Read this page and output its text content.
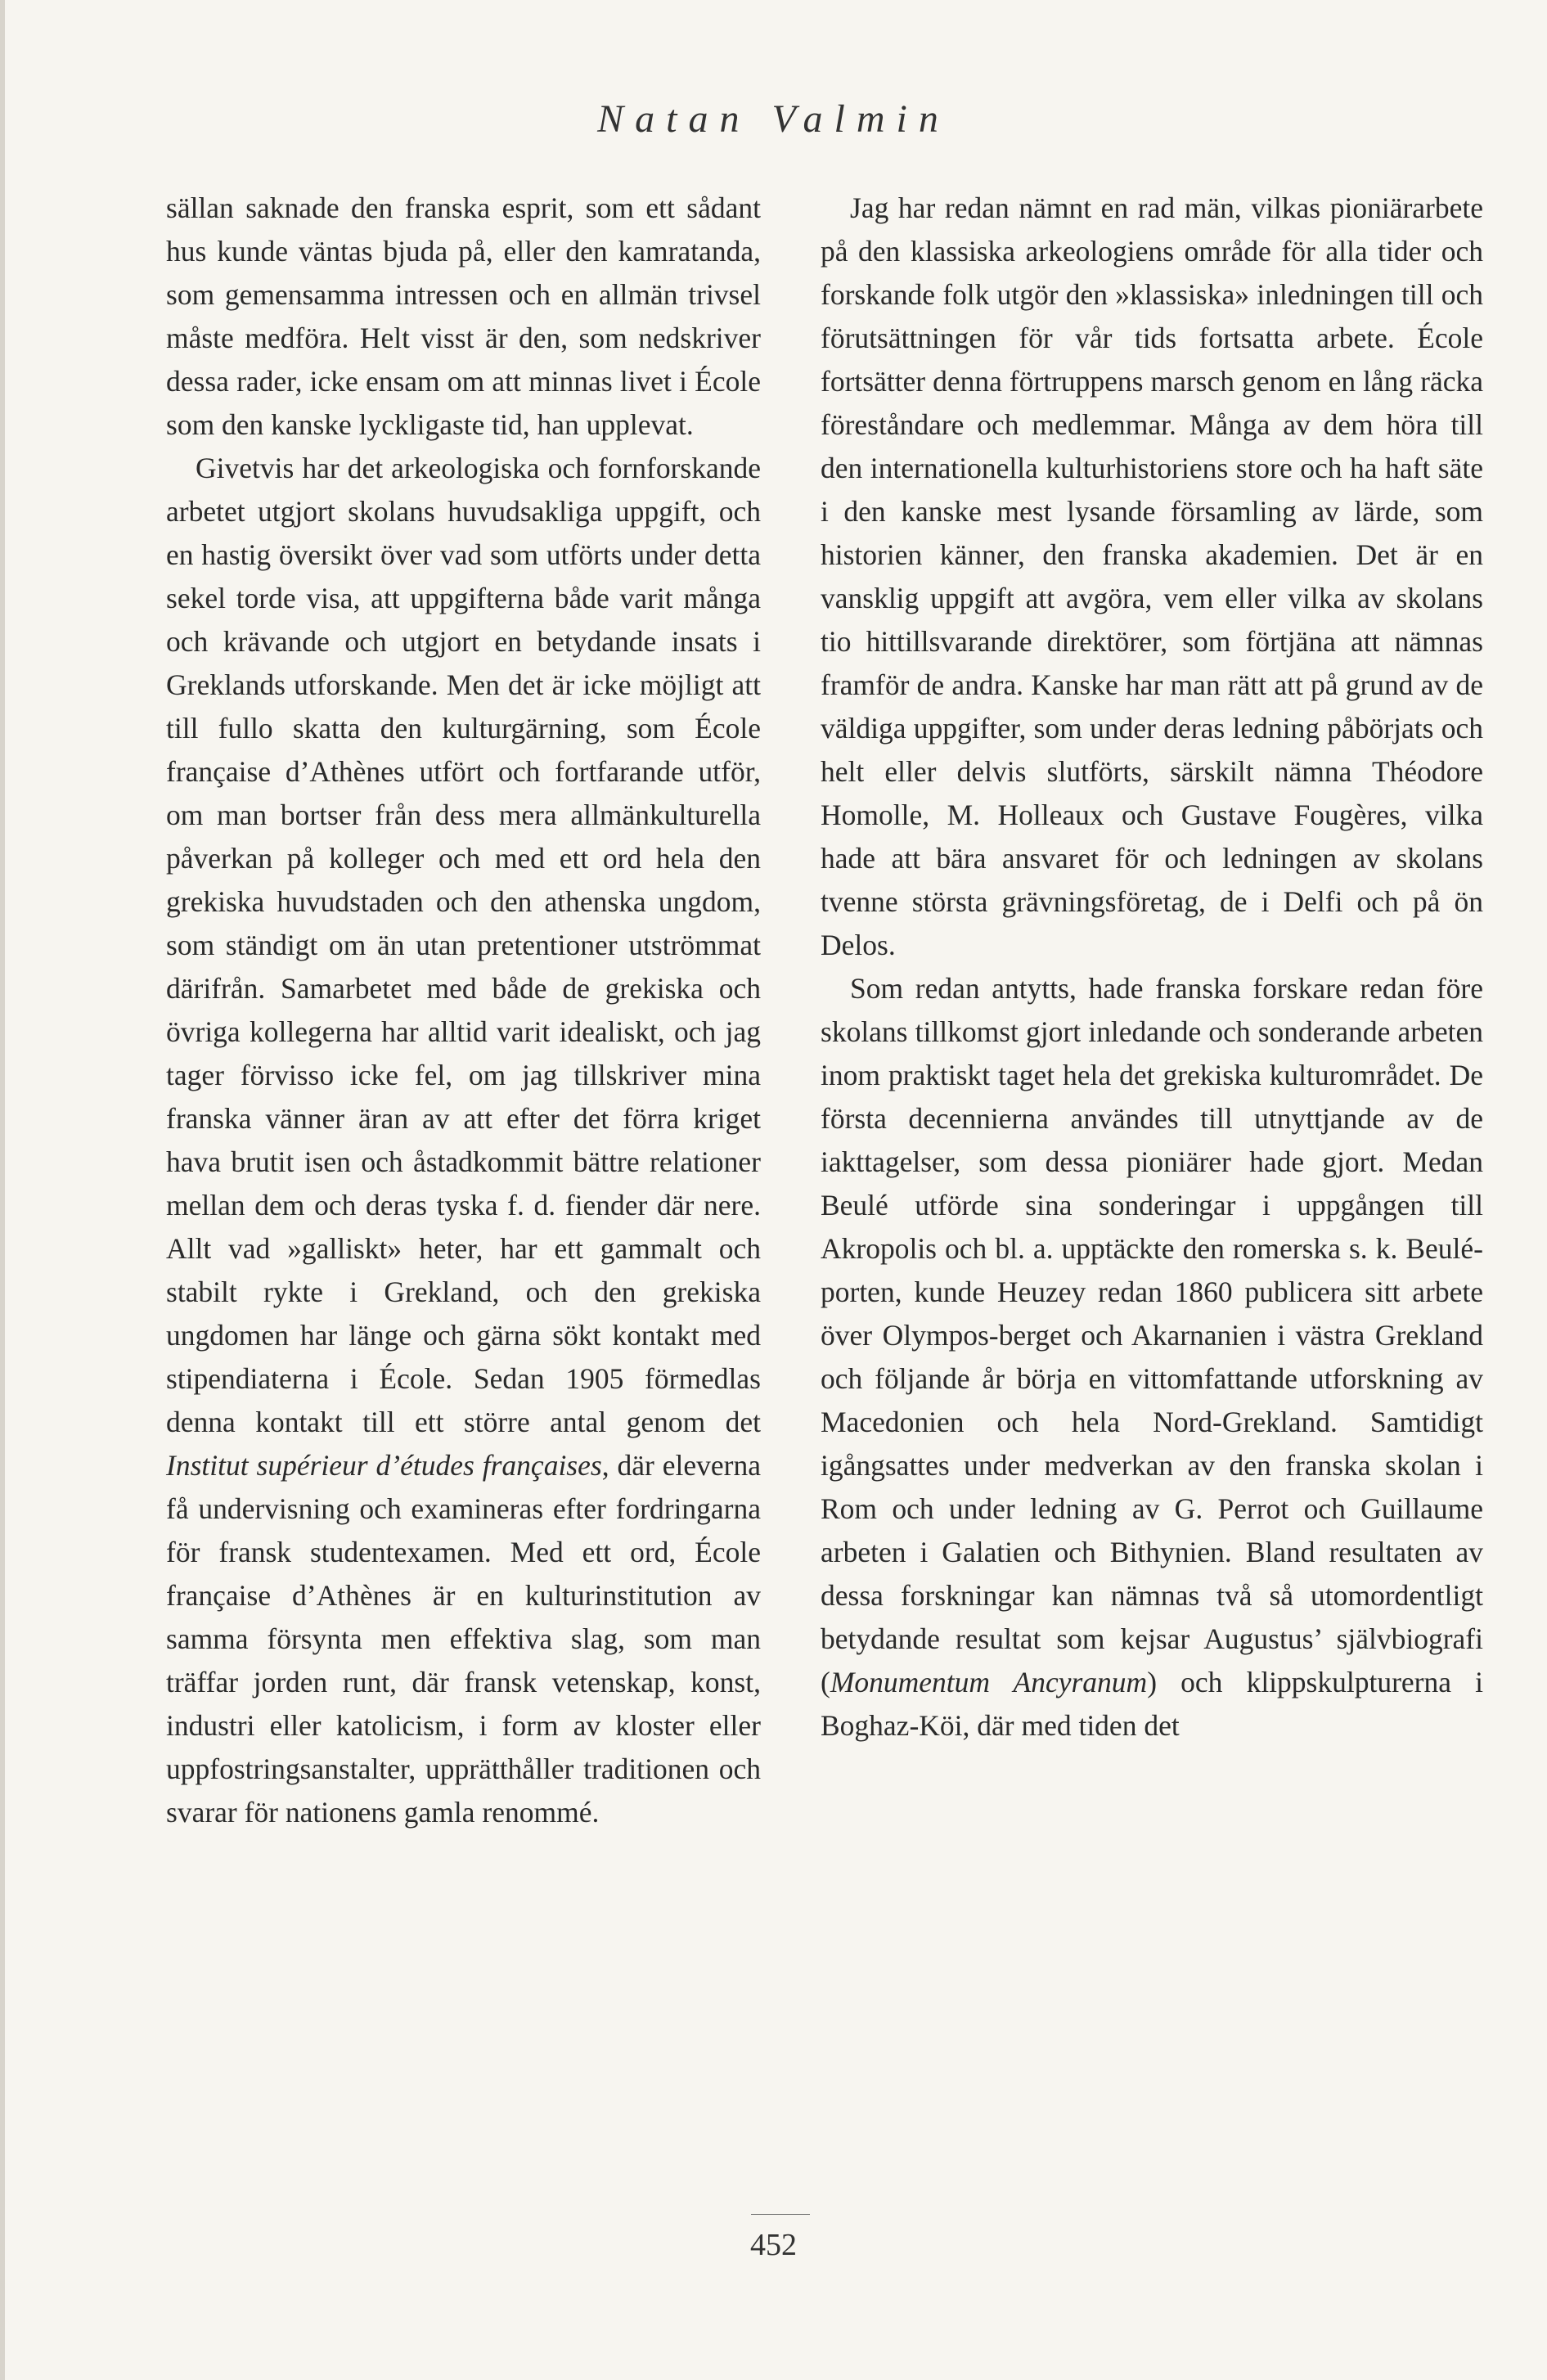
Natan Valmin

sällan saknade den franska esprit, som ett sådant hus kunde väntas bjuda på, eller den kamratanda, som gemensamma intressen och en allmän trivsel måste medföra. Helt visst är den, som nedskriver dessa rader, icke ensam om att minnas livet i École som den kanske lyckligaste tid, han upplevat.

Givetvis har det arkeologiska och fornforskande arbetet utgjort skolans huvudsakliga uppgift, och en hastig översikt över vad som utförts under detta sekel torde visa, att uppgifterna både varit många och krävande och utgjort en betydande insats i Greklands utforskande. Men det är icke möjligt att till fullo skatta den kulturgärning, som École française d’Athènes utfört och fortfarande utför, om man bortser från dess mera allmänkulturella påverkan på kolleger och med ett ord hela den grekiska huvudstaden och den athenska ungdom, som ständigt om än utan pretentioner utströmmat därifrån. Samarbetet med både de grekiska och övriga kollegerna har alltid varit idealiskt, och jag tager förvisso icke fel, om jag tillskriver mina franska vänner äran av att efter det förra kriget hava brutit isen och åstadkommit bättre relationer mellan dem och deras tyska f. d. fiender där nere. Allt vad »galliskt» heter, har ett gammalt och stabilt rykte i Grekland, och den grekiska ungdomen har länge och gärna sökt kontakt med stipendiaterna i École. Sedan 1905 förmedlas denna kontakt till ett större antal genom det Institut supérieur d’études françaises, där eleverna få undervisning och examineras efter fordringarna för fransk studentexamen. Med ett ord, École française d’Athènes är en kulturinstitution av samma försynta men effektiva slag, som man träffar jorden runt, där fransk vetenskap, konst, industri eller katolicism, i form av kloster eller uppfostringsanstalter, upprätthåller traditionen och svarar för nationens gamla renommé.

Jag har redan nämnt en rad män, vilkas pioniärarbete på den klassiska arkeologiens område för alla tider och forskande folk utgör den »klassiska» inledningen till och förutsättningen för vår tids fortsatta arbete. École fortsätter denna förtruppens marsch genom en lång räcka föreståndare och medlemmar. Många av dem höra till den internationella kulturhistoriens store och ha haft säte i den kanske mest lysande församling av lärde, som historien känner, den franska akademien. Det är en vansklig uppgift att avgöra, vem eller vilka av skolans tio hittillsvarande direktörer, som förtjäna att nämnas framför de andra. Kanske har man rätt att på grund av de väldiga uppgifter, som under deras ledning påbörjats och helt eller delvis slutförts, särskilt nämna Théodore Homolle, M. Holleaux och Gustave Fougères, vilka hade att bära ansvaret för och ledningen av skolans tvenne största grävningsföretag, de i Delfi och på ön Delos.

Som redan antytts, hade franska forskare redan före skolans tillkomst gjort inledande och sonderande arbeten inom praktiskt taget hela det grekiska kulturområdet. De första decennierna användes till utnyttjande av de iakttagelser, som dessa pioniärer hade gjort. Medan Beulé utförde sina sonderingar i uppgången till Akropolis och bl. a. upptäckte den romerska s. k. Beulé-porten, kunde Heuzey redan 1860 publicera sitt arbete över Olympos-berget och Akarnanien i västra Grekland och följande år börja en vittomfattande utforskning av Macedonien och hela Nord-Grekland. Samtidigt igångsattes under medverkan av den franska skolan i Rom och under ledning av G. Perrot och Guillaume arbeten i Galatien och Bithynien. Bland resultaten av dessa forskningar kan nämnas två så utomordentligt betydande resultat som kejsar Augustus’ självbiografi (Monumentum Ancyranum) och klippskulpturerna i Boghaz-Köi, där med tiden det

452
